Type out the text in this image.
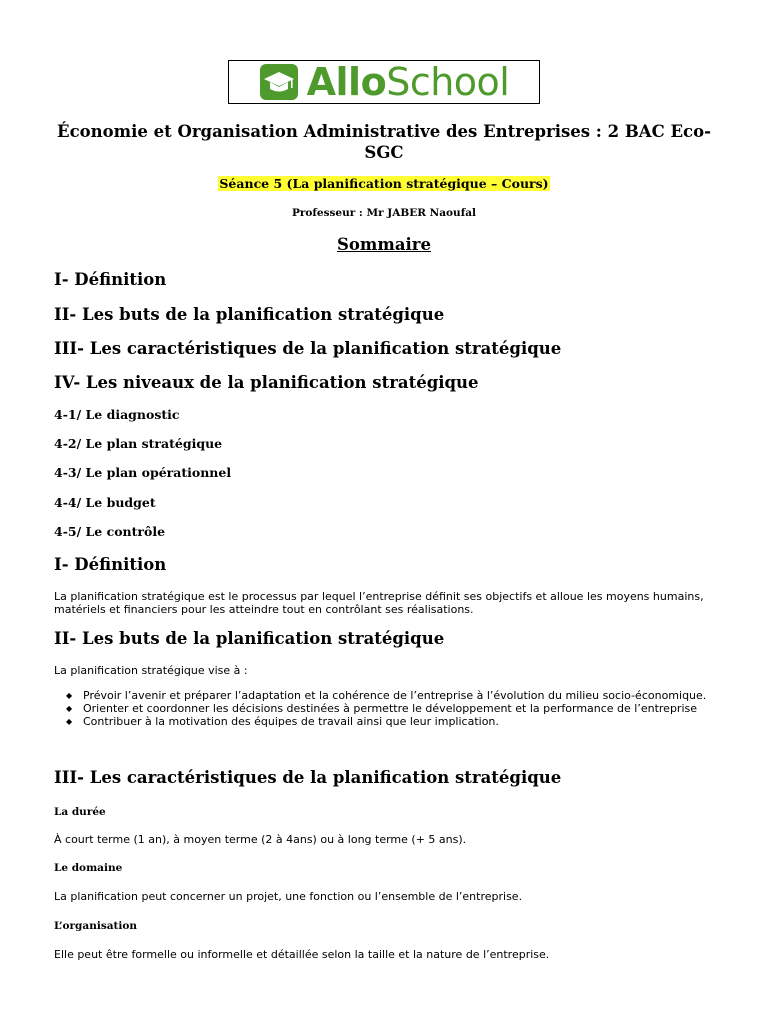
AlloSchool
Économie et Organisation Administrative des Entreprises : 2 BAC Eco-SGC
Séance 5 (La planification stratégique – Cours)
Professeur : Mr JABER Naoufal
Sommaire
I- Définition
II- Les buts de la planification stratégique
III- Les caractéristiques de la planification stratégique
IV- Les niveaux de la planification stratégique
4-1/ Le diagnostic
4-2/ Le plan stratégique
4-3/ Le plan opérationnel
4-4/ Le budget
4-5/ Le contrôle
I- Définition
La planification stratégique est le processus par lequel l’entreprise définit ses objectifs et alloue les moyens humains, matériels et financiers pour les atteindre tout en contrôlant ses réalisations.
II- Les buts de la planification stratégique
La planification stratégique vise à :
◆ Prévoir l’avenir et préparer l’adaptation et la cohérence de l’entreprise à l’évolution du milieu socio-économique.
◆ Orienter et coordonner les décisions destinées à permettre le développement et la performance de l’entreprise
◆ Contribuer à la motivation des équipes de travail ainsi que leur implication.
III- Les caractéristiques de la planification stratégique
La durée
À court terme (1 an), à moyen terme (2 à 4ans) ou à long terme (+ 5 ans).
Le domaine
La planification peut concerner un projet, une fonction ou l’ensemble de l’entreprise.
L’organisation
Elle peut être formelle ou informelle et détaillée selon la taille et la nature de l’entreprise.
